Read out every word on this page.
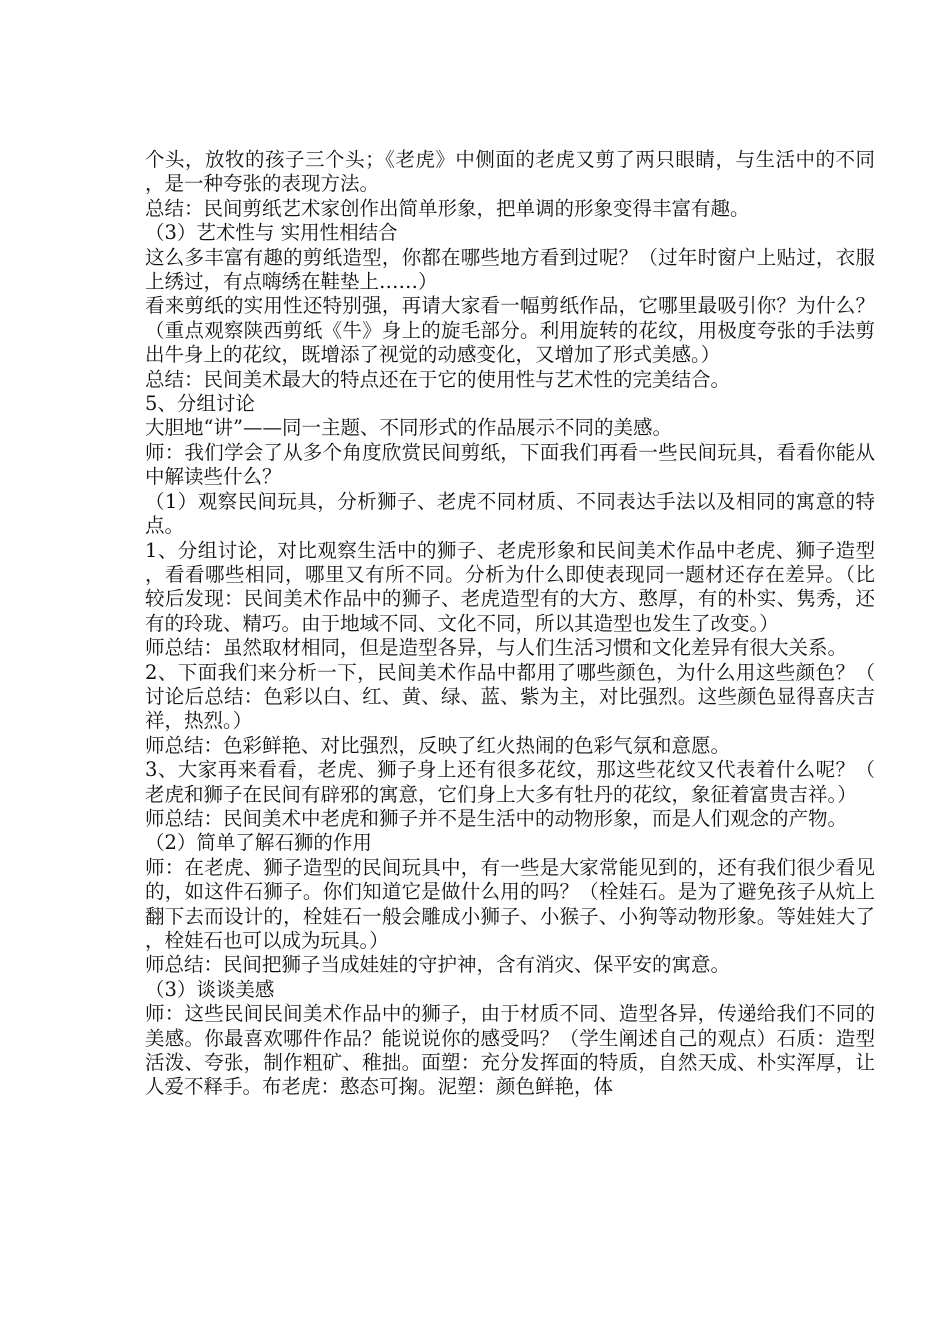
个头，放牧的孩子三个头；《老虎》中侧面的老虎又剪了两只眼睛，与生活中的不同，是一种夸张的表现方法。

总结：民间剪纸艺术家创作出简单形象，把单调的形象变得丰富有趣。

（3）艺术性与 实用性相结合

这么多丰富有趣的剪纸造型，你都在哪些地方看到过呢？（过年时窗户上贴过，衣服上绣过，有点嗨绣在鞋垫上……）

看来剪纸的实用性还特别强，再请大家看一幅剪纸作品，它哪里最吸引你？为什么？（重点观察陕西剪纸《牛》身上的旋毛部分。利用旋转的花纹，用极度夸张的手法剪出牛身上的花纹，既增添了视觉的动感变化，又增加了形式美感。）

总结：民间美术最大的特点还在于它的使用性与艺术性的完美结合。

5、分组讨论

大胆地“讲”——同一主题、不同形式的作品展示不同的美感。

师：我们学会了从多个角度欣赏民间剪纸，下面我们再看一些民间玩具，看看你能从中解读些什么？

（1）观察民间玩具，分析狮子、老虎不同材质、不同表达手法以及相同的寓意的特点。

1、分组讨论，对比观察生活中的狮子、老虎形象和民间美术作品中老虎、狮子造型，看看哪些相同，哪里又有所不同。分析为什么即使表现同一题材还存在差异。（比较后发现：民间美术作品中的狮子、老虎造型有的大方、憨厚，有的朴实、隽秀，还有的玲珑、精巧。由于地域不同、文化不同，所以其造型也发生了改变。）

师总结：虽然取材相同，但是造型各异，与人们生活习惯和文化差异有很大关系。

2、下面我们来分析一下，民间美术作品中都用了哪些颜色，为什么用这些颜色？（讨论后总结：色彩以白、红、黄、绿、蓝、紫为主，对比强烈。这些颜色显得喜庆吉祥，热烈。）

师总结：色彩鲜艳、对比强烈，反映了红火热闹的色彩气氛和意愿。

3、大家再来看看，老虎、狮子身上还有很多花纹，那这些花纹又代表着什么呢？（老虎和狮子在民间有辟邪的寓意，它们身上大多有牡丹的花纹，象征着富贵吉祥。）

师总结：民间美术中老虎和狮子并不是生活中的动物形象，而是人们观念的产物。

（2）简单了解石狮的作用

师：在老虎、狮子造型的民间玩具中，有一些是大家常能见到的，还有我们很少看见的，如这件石狮子。你们知道它是做什么用的吗？（栓娃石。是为了避免孩子从炕上翻下去而设计的，栓娃石一般会雕成小狮子、小猴子、小狗等动物形象。等娃娃大了，栓娃石也可以成为玩具。）

师总结：民间把狮子当成娃娃的守护神，含有消灾、保平安的寓意。

（3）谈谈美感

师：这些民间民间美术作品中的狮子，由于材质不同、造型各异，传递给我们不同的美感。你最喜欢哪件作品？能说说你的感受吗？（学生阐述自己的观点）石质：造型活泼、夸张，制作粗矿、稚拙。面塑：充分发挥面的特质，自然天成、朴实浑厚，让人爱不释手。布老虎：憨态可掬。泥塑：颜色鲜艳，体
